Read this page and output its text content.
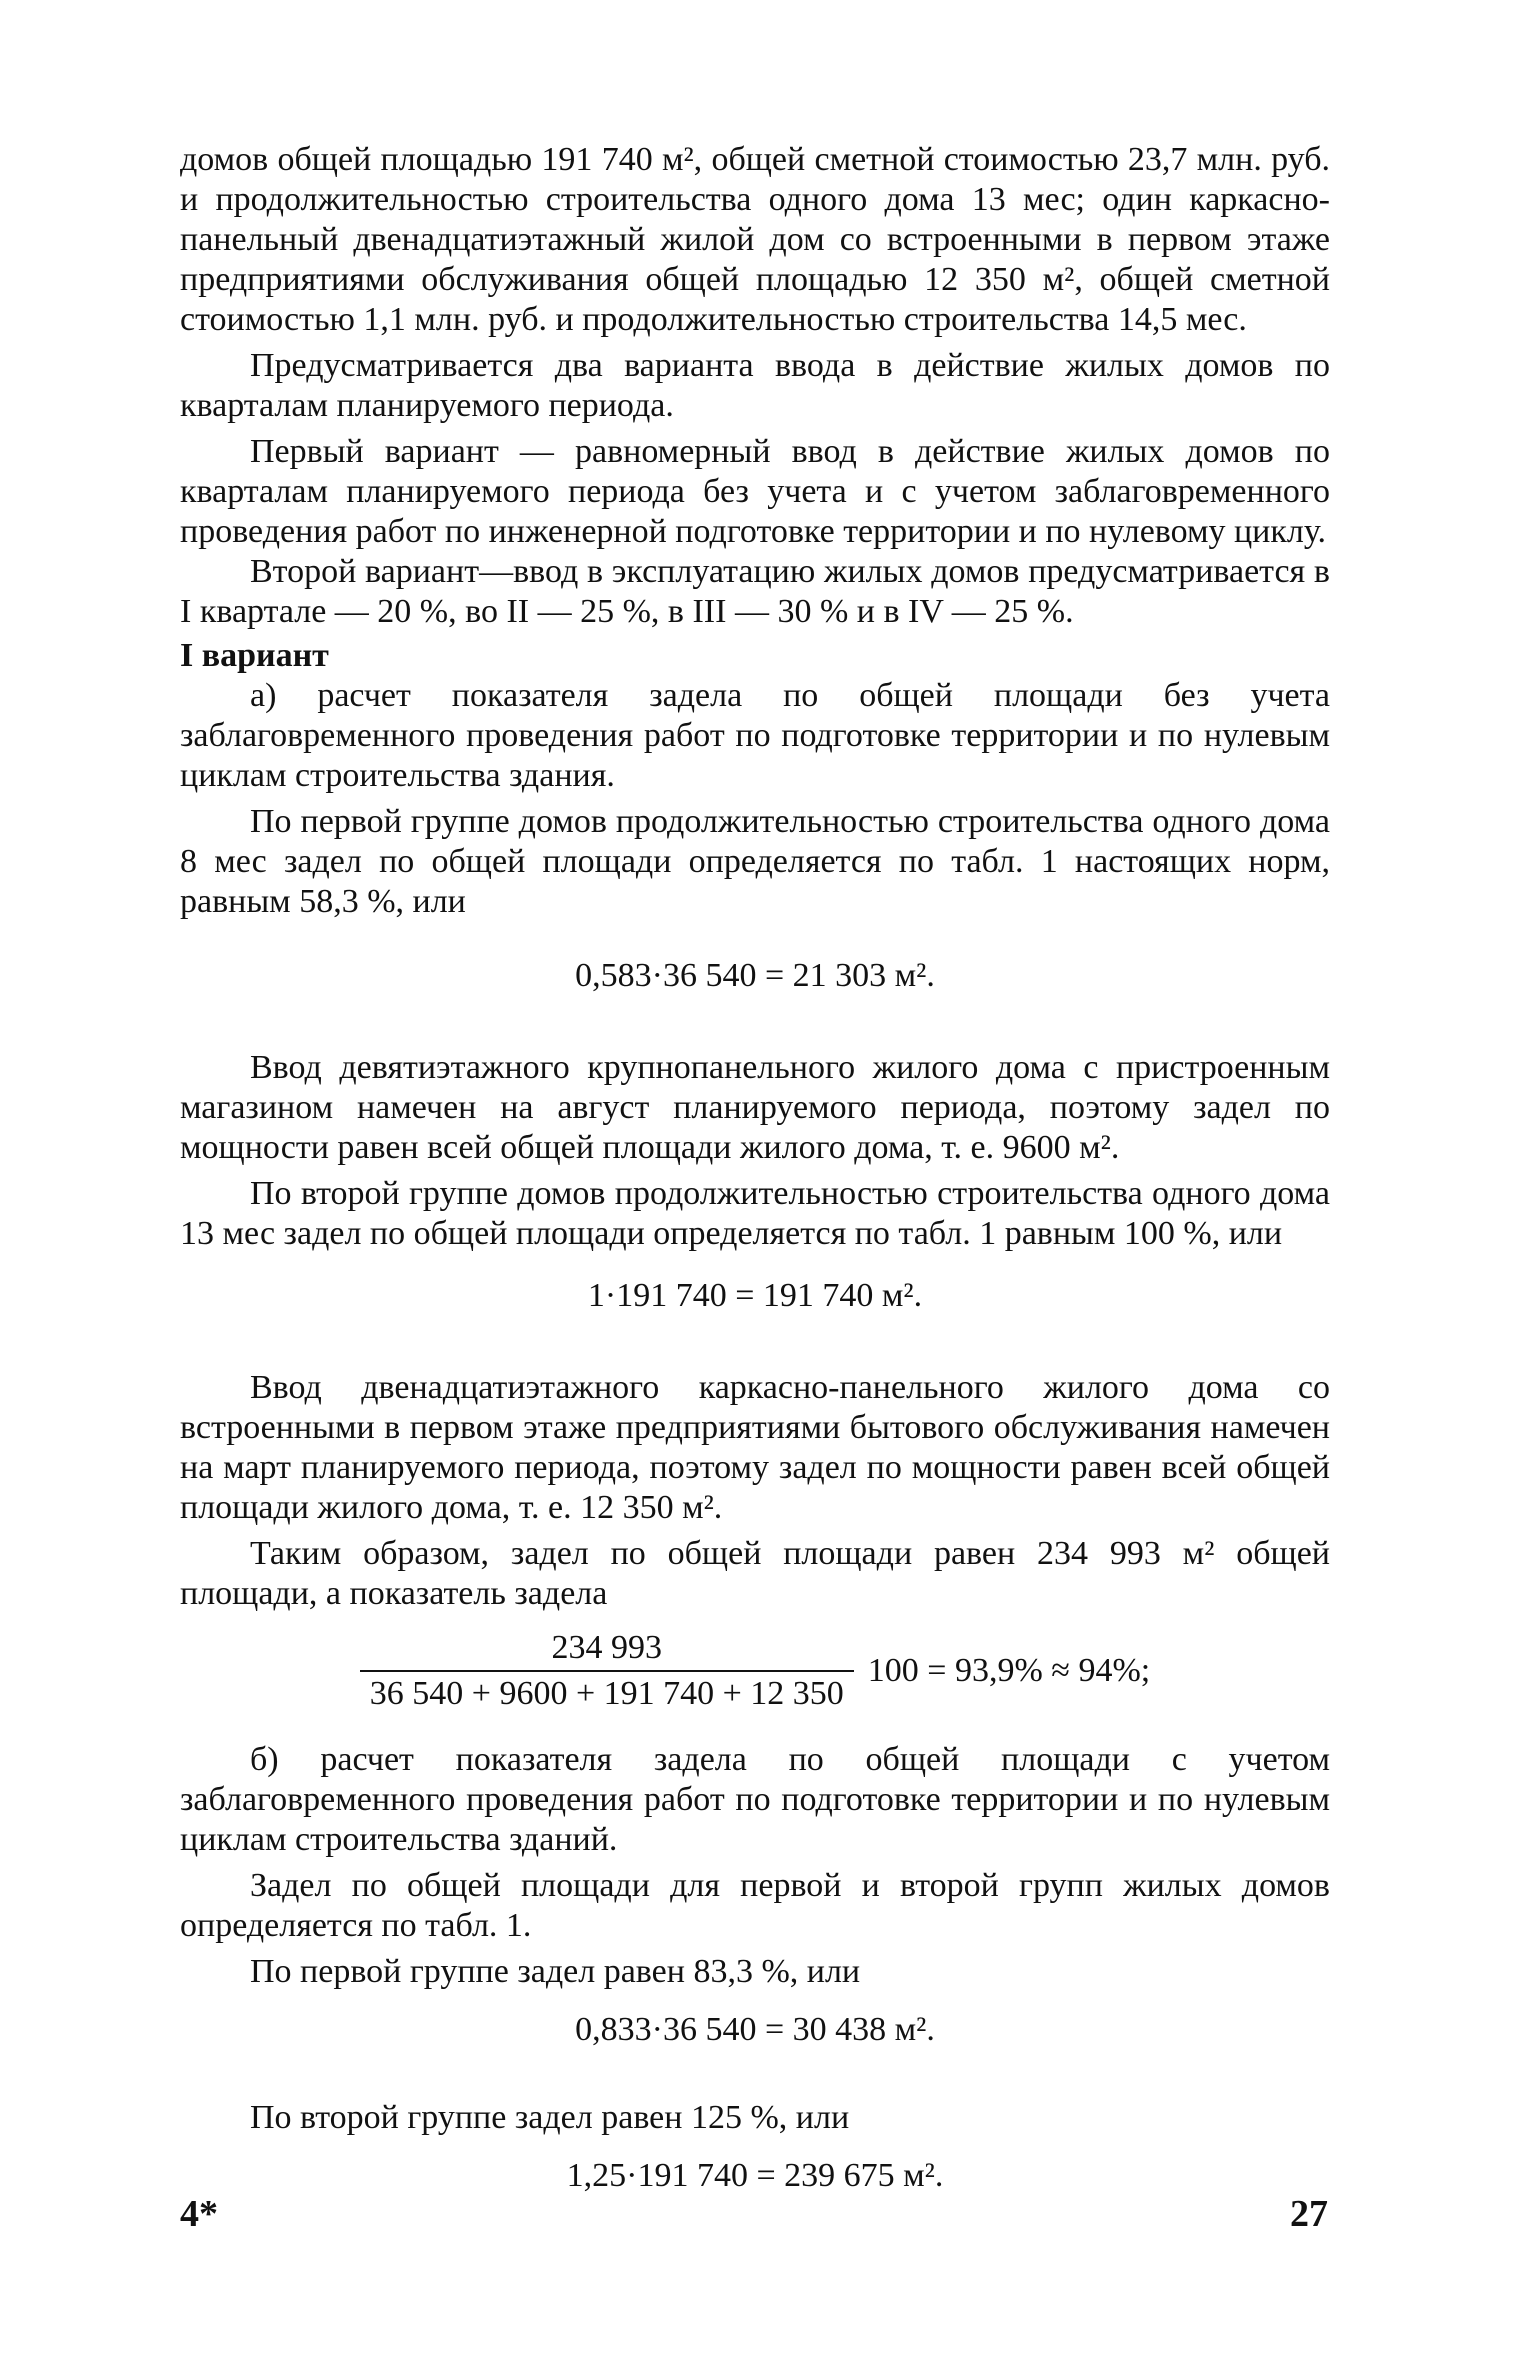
домов общей площадью 191 740 м², общей сметной стоимостью 23,7 млн. руб. и продолжительностью строительства одного дома 13 мес; один каркасно-панельный двенадцатиэтажный жилой дом со встроенными в первом этаже предприятиями обслуживания общей площадью 12 350 м², общей сметной стоимостью 1,1 млн. руб. и продолжительностью строительства 14,5 мес.

Предусматривается два варианта ввода в действие жилых домов по кварталам планируемого периода.

Первый вариант — равномерный ввод в действие жилых домов по кварталам планируемого периода без учета и с учетом заблаговременного проведения работ по инженерной подготовке территории и по нулевому циклу.

Второй вариант—ввод в эксплуатацию жилых домов предусматривается в I квартале — 20 %, во II — 25 %, в III — 30 % и в IV — 25 %.

I вариант

а) расчет показателя задела по общей площади без учета заблаговременного проведения работ по подготовке территории и по нулевым циклам строительства здания.

По первой группе домов продолжительностью строительства одного дома 8 мес задел по общей площади определяется по табл. 1 настоящих норм, равным 58,3 %, или

0,583·36 540 = 21 303 м².

Ввод девятиэтажного крупнопанельного жилого дома с пристроенным магазином намечен на август планируемого периода, поэтому задел по мощности равен всей общей площади жилого дома, т. е. 9600 м².

По второй группе домов продолжительностью строительства одного дома 13 мес задел по общей площади определяется по табл. 1 равным 100 %, или

1·191 740 = 191 740 м².

Ввод двенадцатиэтажного каркасно-панельного жилого дома со встроенными в первом этаже предприятиями бытового обслуживания намечен на март планируемого периода, поэтому задел по мощности равен всей общей площади жилого дома, т. е. 12 350 м².

Таким образом, задел по общей площади равен 234 993 м² общей площади, а показатель задела

$\frac{234 993}{36 540 + 9600 + 191 740 + 12 350} 100 = 93,9\% \approx 94\%$;

б) расчет показателя задела по общей площади с учетом заблаговременного проведения работ по подготовке территории и по нулевым циклам строительства зданий.

Задел по общей площади для первой и второй групп жилых домов определяется по табл. 1.

По первой группе задел равен 83,3 %, или

0,833·36 540 = 30 438 м².

По второй группе задел равен 125 %, или

1,25·191 740 = 239 675 м².

4*	27
